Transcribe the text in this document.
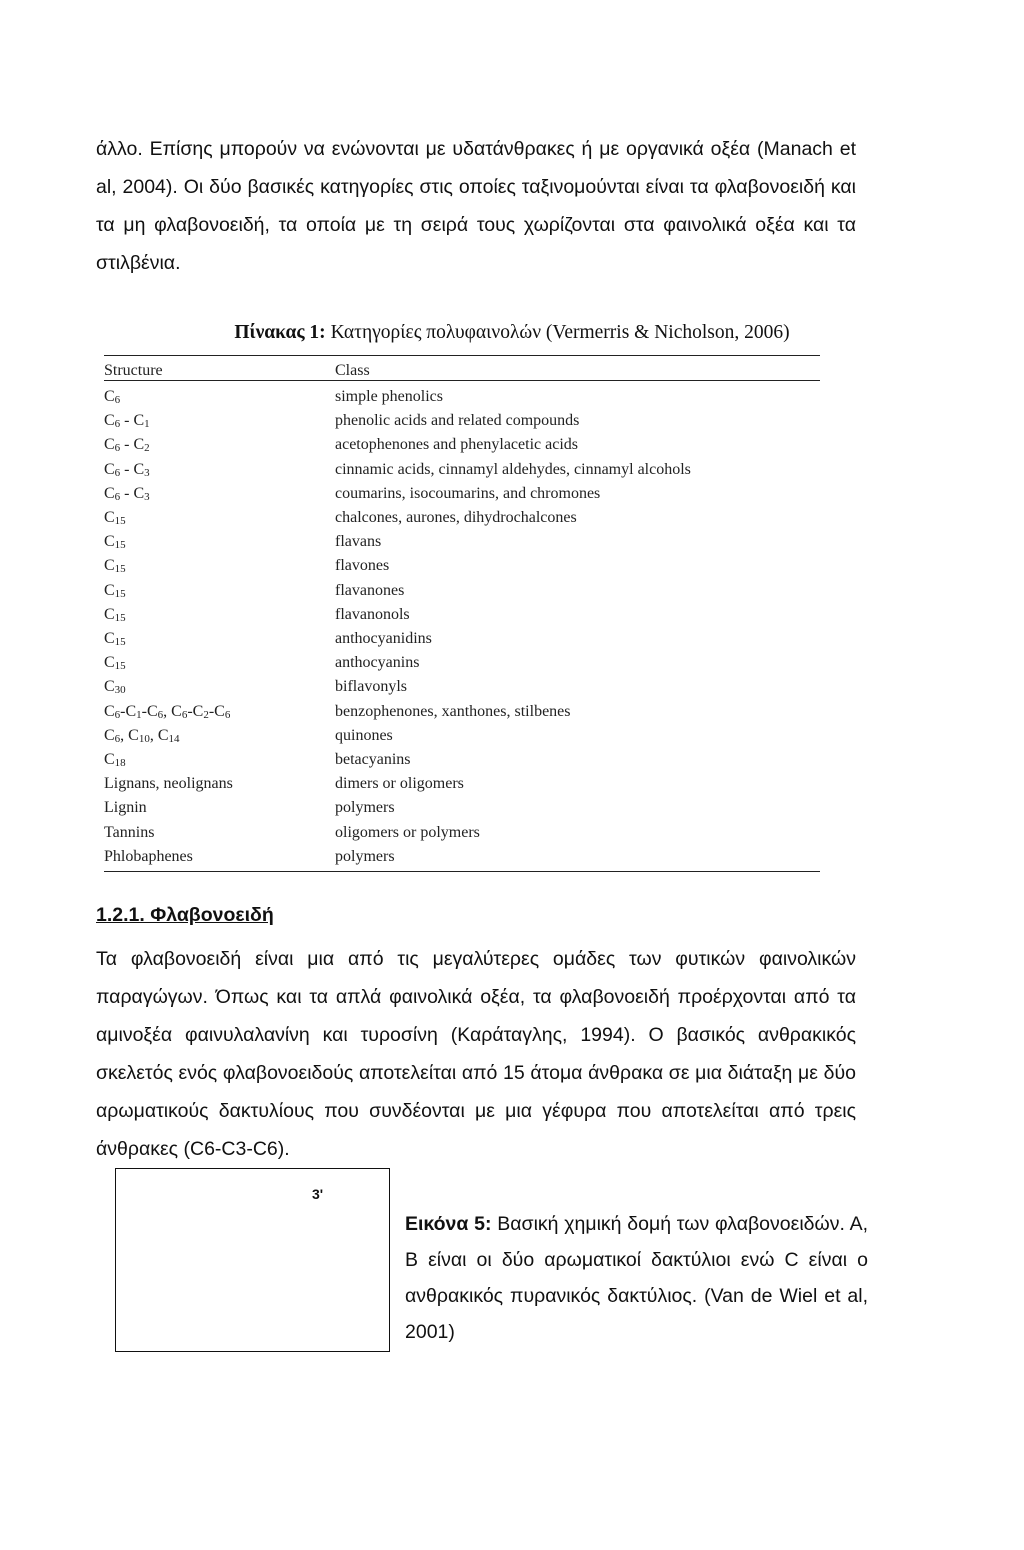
άλλο. Επίσης μπορούν να ενώνονται με υδατάνθρακες ή με οργανικά οξέα (Manach et al, 2004). Οι δύο βασικές κατηγορίες στις οποίες ταξινομούνται είναι τα φλαβονοειδή και τα μη φλαβονοειδή, τα οποία με τη σειρά τους χωρίζονται στα φαινολικά οξέα και τα στιλβένια.
Πίνακας 1: Κατηγορίες πολυφαινολών (Vermerris & Nicholson, 2006)
Structure	Class
$C_6$	simple phenolics
$C_6 - C_1$	phenolic acids and related compounds
$C_6 - C_2$	acetophenones and phenylacetic acids
$C_6 - C_3$	cinnamic acids, cinnamyl aldehydes, cinnamyl alcohols
$C_6 - C_3$	coumarins, isocoumarins, and chromones
$C_{15}$	chalcones, aurones, dihydrochalcones
$C_{15}$	flavans
$C_{15}$	flavones
$C_{15}$	flavanones
$C_{15}$	flavanonols
$C_{15}$	anthocyanidins
$C_{15}$	anthocyanins
$C_{30}$	biflavonyls
$C_6-C_1-C_6$, $C_6-C_2-C_6$	benzophenones, xanthones, stilbenes
$C_6$, $C_{10}$, $C_{14}$	quinones
$C_{18}$	betacyanins
Lignans, neolignans	dimers or oligomers
Lignin	polymers
Tannins	oligomers or polymers
Phlobaphenes	polymers
1.2.1. Φλαβονοειδή
Τα φλαβονοειδή είναι μια από τις μεγαλύτερες ομάδες των φυτικών φαινολικών παραγώγων. Όπως και τα απλά φαινολικά οξέα, τα φλαβονοειδή προέρχονται από τα αμινοξέα φαινυλαλανίνη και τυροσίνη (Καράταγλης, 1994). Ο βασικός ανθρακικός σκελετός ενός φλαβονοειδούς αποτελείται από 15 άτομα άνθρακα σε μια διάταξη με δύο αρωματικούς δακτυλίους που συνδέονται με μια γέφυρα που αποτελείται από τρεις άνθρακες (C6-C3-C6).
3'
Εικόνα 5: Βασική χημική δομή των φλαβονοειδών. Α, Β είναι οι δύο αρωματικοί δακτύλιοι ενώ C είναι ο ανθρακικός πυρανικός δακτύλιος. (Van de Wiel et al, 2001)
